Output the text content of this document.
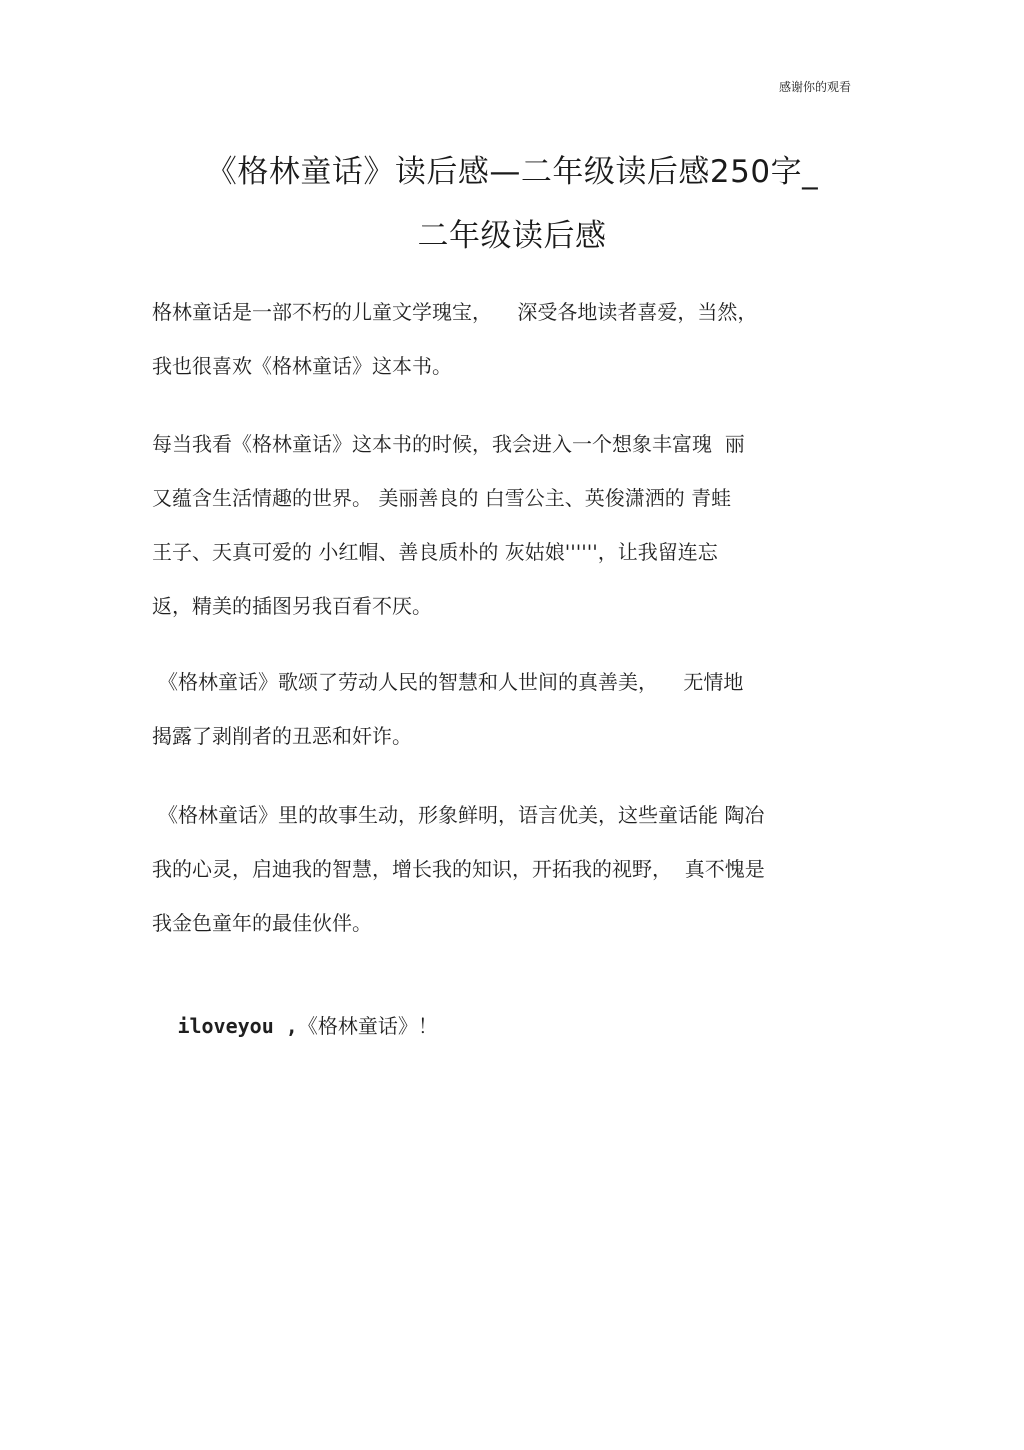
感谢你的观看
《格林童话》读后感—二年级读后感250字_
二年级读后感
格林童话是一部不朽的儿童文学瑰宝，    深受各地读者喜爱，当然，
我也很喜欢《格林童话》这本书。
每当我看《格林童话》这本书的时候，我会进入一个想象丰富瑰  丽
又蕴含生活情趣的世界。 美丽善良的 白雪公主、英俊潇洒的 青蛙
王子、天真可爱的 小红帽、善良质朴的 灰姑娘''''''，让我留连忘
返，精美的插图另我百看不厌。
《格林童话》歌颂了劳动人民的智慧和人世间的真善美，    无情地
揭露了剥削者的丑恶和奸诈。
《格林童话》里的故事生动，形象鲜明，语言优美，这些童话能 陶冶
我的心灵，启迪我的智慧，增长我的知识，开拓我的视野，  真不愧是
我金色童年的最佳伙伴。

iloveyou ,《格林童话》！
